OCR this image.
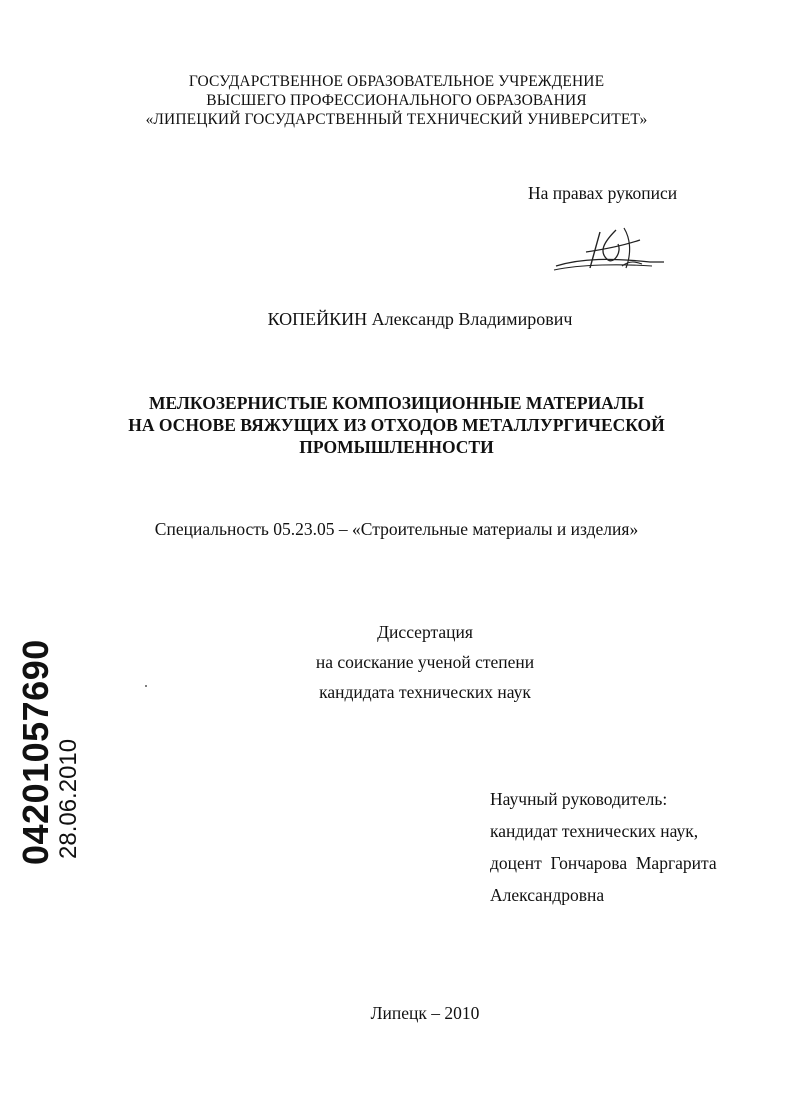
ГОСУДАРСТВЕННОЕ ОБРАЗОВАТЕЛЬНОЕ УЧРЕЖДЕНИЕ
ВЫСШЕГО ПРОФЕССИОНАЛЬНОГО ОБРАЗОВАНИЯ
«ЛИПЕЦКИЙ ГОСУДАРСТВЕННЫЙ ТЕХНИЧЕСКИЙ УНИВЕРСИТЕТ»
На правах рукописи
КОПЕЙКИН Александр Владимирович
МЕЛКОЗЕРНИСТЫЕ КОМПОЗИЦИОННЫЕ МАТЕРИАЛЫ
НА ОСНОВЕ ВЯЖУЩИХ ИЗ ОТХОДОВ МЕТАЛЛУРГИЧЕСКОЙ
ПРОМЫШЛЕННОСТИ
Специальность 05.23.05 – «Строительные материалы и изделия»
Диссертация
на соискание ученой степени
кандидата технических наук
Научный руководитель:
кандидат технических наук,
доцент  Гончарова  Маргарита
Александровна
Липецк – 2010
04201057690 28.06.2010
